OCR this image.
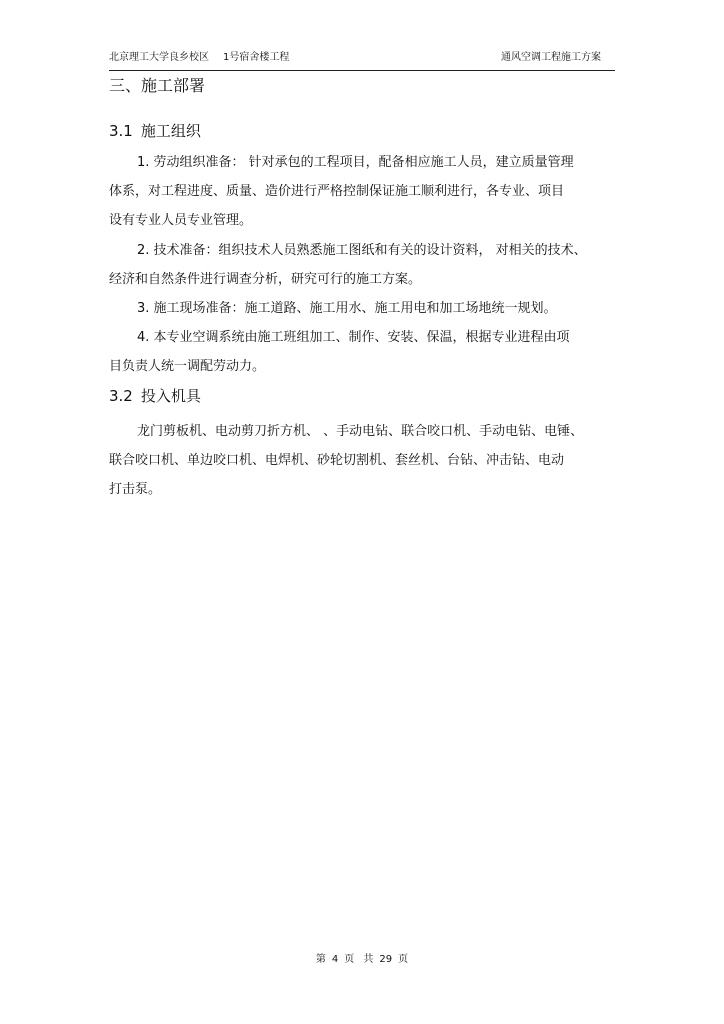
北京理工大学良乡校区 1号宿舍楼工程	通风空调工程施工方案
三、施工部署
3.1 施工组织
1. 劳动组织准备： 针对承包的工程项目，配备相应施工人员，建立质量管理
体系，对工程进度、质量、造价进行严格控制保证施工顺利进行，各专业、项目
设有专业人员专业管理。
2. 技术准备：组织技术人员熟悉施工图纸和有关的设计资料， 对相关的技术、
经济和自然条件进行调查分析，研究可行的施工方案。
3. 施工现场准备：施工道路、施工用水、施工用电和加工场地统一规划。
4. 本专业空调系统由施工班组加工、制作、安装、保温，根据专业进程由项
目负责人统一调配劳动力。
3.2 投入机具
龙门剪板机、电动剪刀折方机、 、手动电钻、联合咬口机、手动电钻、电锤、
联合咬口机、单边咬口机、电焊机、砂轮切割机、套丝机、台钻、冲击钻、电动
打击泵。
第 4 页 共 29 页
